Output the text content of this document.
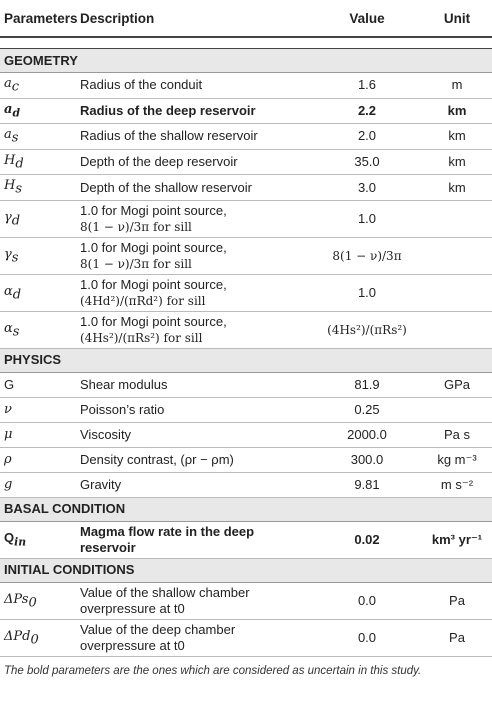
Parameters	Description	Value	Unit

GEOMETRY			
$a_c$	Radius of the conduit	1.6	m
$a_d$	Radius of the deep reservoir	2.2	km
$a_s$	Radius of the shallow reservoir	2.0	km
$H_d$	Depth of the deep reservoir	35.0	km
$H_s$	Depth of the shallow reservoir	3.0	km
$\gamma_d$	1.0 for Mogi point source,
8(1 − ν)/3π for sill	1.0	
$\gamma_s$	1.0 for Mogi point source,
8(1 − ν)/3π for sill	8(1 − ν)/3π	
$\alpha_d$	1.0 for Mogi point source,
(4Hd²)/(πRd²) for sill	1.0	
$\alpha_s$	1.0 for Mogi point source,
(4Hs²)/(πRs²) for sill	(4Hs²)/(πRs²)	
PHYSICS			
G	Shear modulus	81.9	GPa
ν	Poisson’s ratio	0.25	
μ	Viscosity	2000.0	Pa s
ρ	Density contrast, (ρr − ρm)	300.0	kg m⁻³
g	Gravity	9.81	m s⁻²
BASAL CONDITION			
$Q_{in}$	Magma flow rate in the deep
reservoir	0.02	km³ yr⁻¹
INITIAL CONDITIONS			
ΔPs$_0$	Value of the shallow chamber
overpressure at t0	0.0	Pa
ΔPd$_0$	Value of the deep chamber
overpressure at t0	0.0	Pa
The bold parameters are the ones which are considered as uncertain in this study.
